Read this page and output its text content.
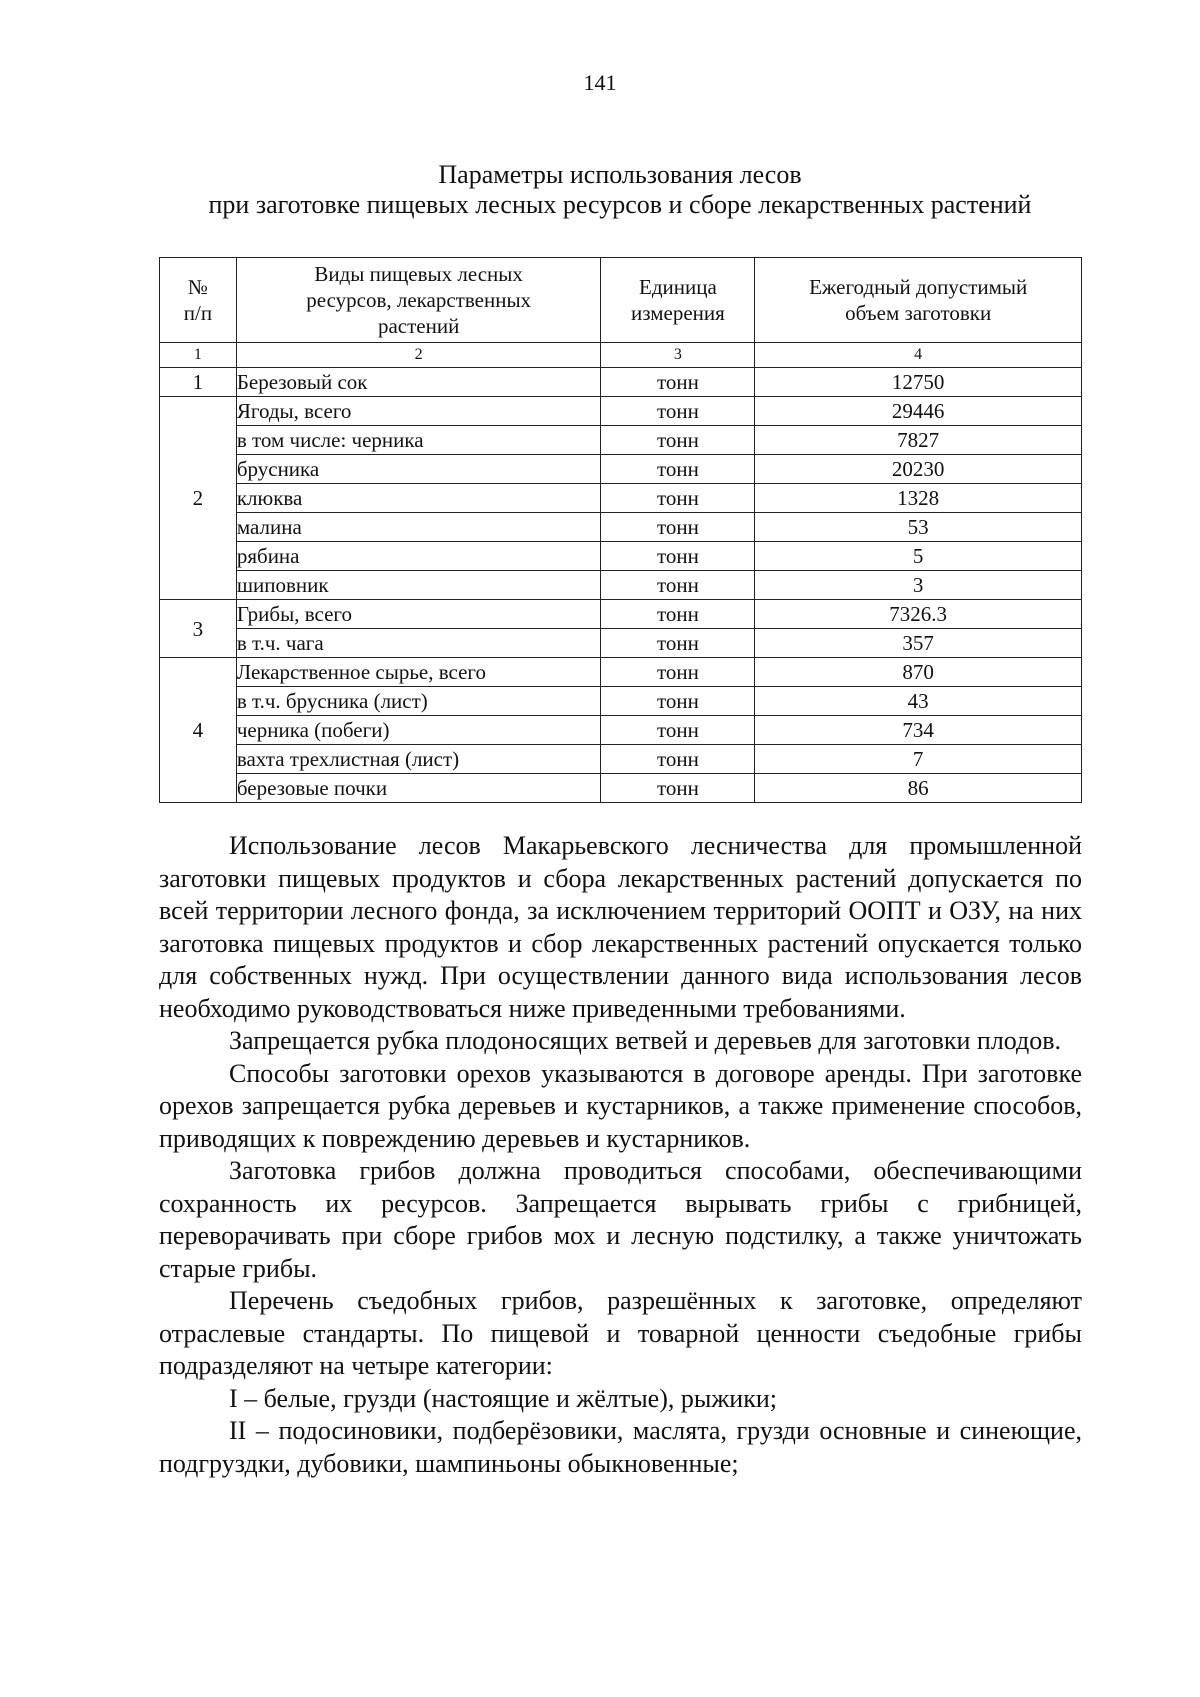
141
Параметры использования лесов
при заготовке пищевых лесных ресурсов и сборе лекарственных растений
№
п/п	Виды пищевых лесных ресурсов, лекарственных растений	Единица измерения	Ежегодный допустимый объем заготовки
1	2	3	4
1	Березовый сок	тонн	12750
2	Ягоды, всего	тонн	29446
	в том числе: черника	тонн	7827
	брусника	тонн	20230
	клюква	тонн	1328
	малина	тонн	53
	рябина	тонн	5
	шиповник	тонн	3
3	Грибы, всего	тонн	7326.3
	в т.ч. чага	тонн	357
4	Лекарственное сырье, всего	тонн	870
	в т.ч. брусника (лист)	тонн	43
	черника (побеги)	тонн	734
	вахта трехлистная (лист)	тонн	7
	березовые почки	тонн	86

Использование лесов Макарьевского лесничества для промышленной заготовки пищевых продуктов и сбора лекарственных растений допускается по всей территории лесного фонда, за исключением территорий ООПТ и ОЗУ, на них заготовка пищевых продуктов и сбор лекарственных растений опускается только для собственных нужд. При осуществлении данного вида использования лесов необходимо руководствоваться ниже приведенными требованиями.

Запрещается рубка плодоносящих ветвей и деревьев для заготовки плодов.

Способы заготовки орехов указываются в договоре аренды. При заготовке орехов запрещается рубка деревьев и кустарников, а также применение способов, приводящих к повреждению деревьев и кустарников.

Заготовка грибов должна проводиться способами, обеспечивающими сохранность их ресурсов. Запрещается вырывать грибы с грибницей, переворачивать при сборе грибов мох и лесную подстилку, а также уничтожать старые грибы.

Перечень съедобных грибов, разрешённых к заготовке, определяют отраслевые стандарты. По пищевой и товарной ценности съедобные грибы подразделяют на четыре категории:

I – белые, грузди (настоящие и жёлтые), рыжики;

II – подосиновики, подберёзовики, маслята, грузди основные и синеющие, подгруздки, дубовики, шампиньоны обыкновенные;
